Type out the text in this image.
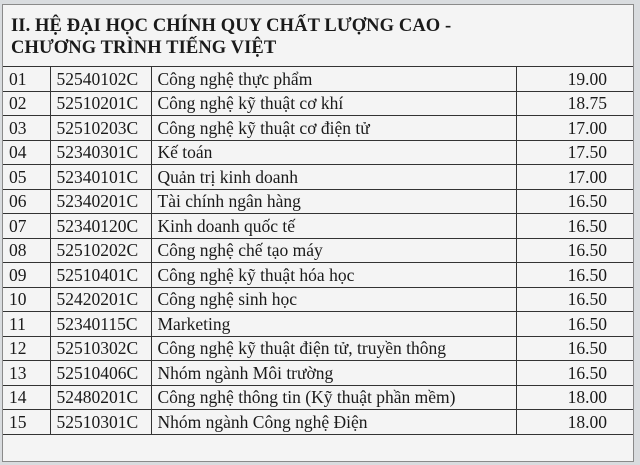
II. HỆ ĐẠI HỌC CHÍNH QUY CHẤT LƯỢNG CAO -
CHƯƠNG TRÌNH TIẾNG VIỆT
01	52540102C	Công nghệ thực phẩm	19.00
02	52510201C	Công nghệ kỹ thuật cơ khí	18.75
03	52510203C	Công nghệ kỹ thuật cơ điện tử	17.00
04	52340301C	Kế toán	17.50
05	52340101C	Quản trị kinh doanh	17.00
06	52340201C	Tài chính ngân hàng	16.50
07	52340120C	Kinh doanh quốc tế	16.50
08	52510202C	Công nghệ chế tạo máy	16.50
09	52510401C	Công nghệ kỹ thuật hóa học	16.50
10	52420201C	Công nghệ sinh học	16.50
11	52340115C	Marketing	16.50
12	52510302C	Công nghệ kỹ thuật điện tử, truyền thông	16.50
13	52510406C	Nhóm ngành Môi trường	16.50
14	52480201C	Công nghệ thông tin (Kỹ thuật phần mềm)	18.00
15	52510301C	Nhóm ngành Công nghệ Điện	18.00
